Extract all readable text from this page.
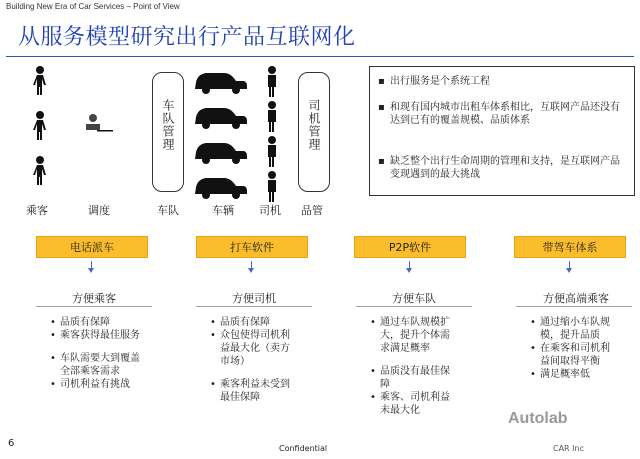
Building New Era of Car Services – Point of View
从服务模型研究出行产品互联网化
车队管理	司机管理
乘客	调度	车队	车辆 司机 品管
▪ 出行服务是个系统工程
▪ 和现有国内城市出租车体系相比，互联网产品还没有达到已有的覆盖规模、品质体系
▪ 缺乏整个出行生命周期的管理和支持，是互联网产品变现遇到的最大挑战
电话派车
方便乘客
• 品质有保障
• 乘客获得最佳服务
• 车队需要大到覆盖全部乘客需求
• 司机利益有挑战
打车软件
方便司机
• 品质有保障
• 众包使得司机利益最大化（卖方市场）
• 乘客利益未受到最佳保障
P2P软件
方便车队
• 通过车队规模扩大，提升个体需求满足概率
• 品质没有最佳保障
• 乘客、司机利益未最大化
带驾车体系
方便高端乘客
• 通过缩小车队规模，提升品质
• 在乘客和司机利益间取得平衡
• 满足概率低
6	Confidential
Autolab
CAR Inc
